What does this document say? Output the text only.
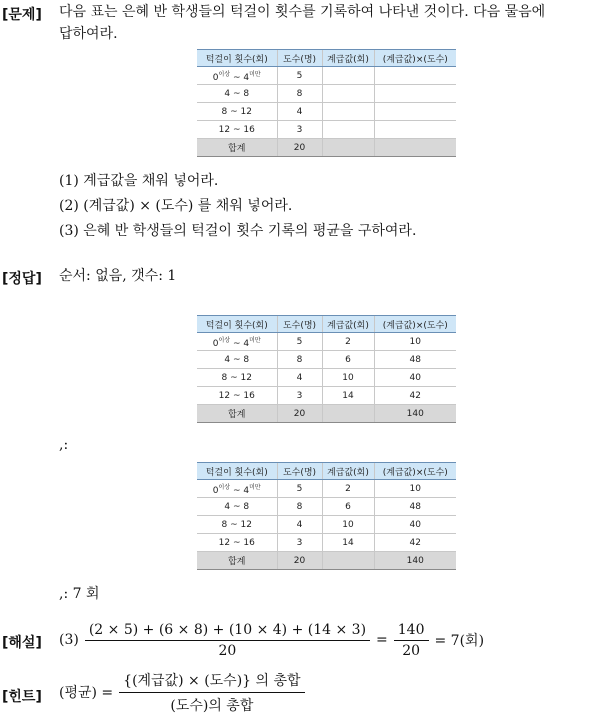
[문제] 다음 표는 은혜 반 학생들의 턱걸이 횟수를 기록하여 나타낸 것이다. 다음 물음에
답하여라.
턱걸이 횟수(회)	도수(명)	계급값(회)	(계급값)×(도수)
$0^{이상}$ ~ $4^{미만}$	5		
4 ~ 8	8		
8 ~ 12	4		
12 ~ 16	3		
합계	20		
(1) 계급값을 채워 넣어라.
(2) (계급값) × (도수) 를 채워 넣어라.
(3) 은혜 반 학생들의 턱걸이 횟수 기록의 평균을 구하여라.
[정답] 순서: 없음, 갯수: 1
턱걸이 횟수(회)	도수(명)	계급값(회)	(계급값)×(도수)
$0^{이상}$ ~ $4^{미만}$	5	2	10
4 ~ 8	8	6	48
8 ~ 12	4	10	40
12 ~ 16	3	14	42
합계	20		140
,:
턱걸이 횟수(회)	도수(명)	계급값(회)	(계급값)×(도수)
$0^{이상}$ ~ $4^{미만}$	5	2	10
4 ~ 8	8	6	48
8 ~ 12	4	10	40
12 ~ 16	3	14	42
합계	20		140
,: 7 회
[해설] $(3) \frac{(2 \times 5) + (6 \times 8) + (10 \times 4) + (14 \times 3)}{20} = \frac{140}{20} = 7$(회)
[힌트] (평균) = $\frac{\text{\{(계급값) × (도수)\} 의 총합}}{\text{(도수)의 총합}}$
